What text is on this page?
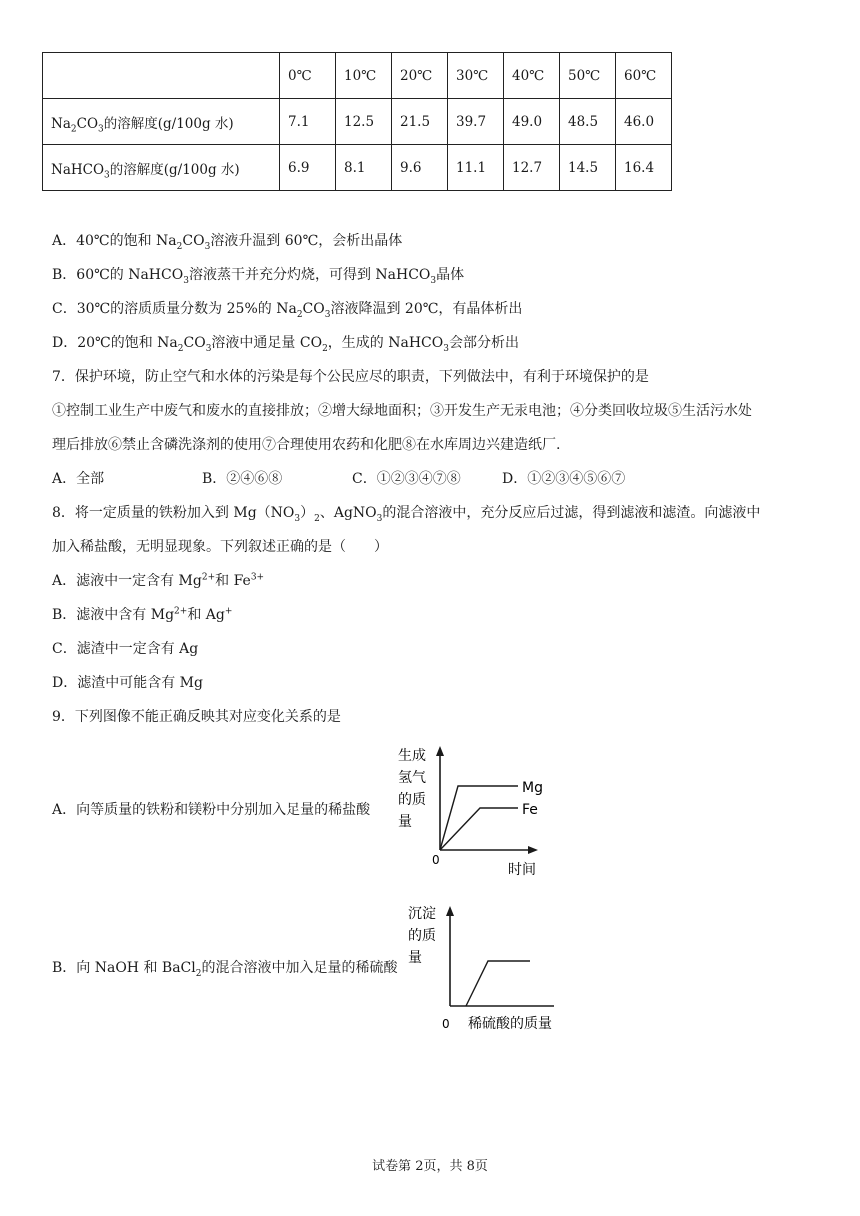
	0℃	10℃	20℃	30℃	40℃	50℃	60℃
$Na_2CO_3$的溶解度(g/100g 水)	7.1	12.5	21.5	39.7	49.0	48.5	46.0
NaHCO$_3$的溶解度(g/100g 水)	6.9	8.1	9.6	11.1	12.7	14.5	16.4
A．40℃的饱和 $Na_2CO_3$溶液升温到 60℃，会析出晶体
B．60℃的 NaHCO$_3$溶液蒸干并充分灼烧，可得到 NaHCO$_3$晶体
C．30℃的溶质质量分数为 25%的 $Na_2CO_3$溶液降温到 20℃，有晶体析出
D．20℃的饱和 $Na_2CO_3$溶液中通足量 $CO_2$，生成的 NaHCO$_3$会部分析出
7．保护环境，防止空气和水体的污染是每个公民应尽的职责，下列做法中，有利于环境保护的是
①控制工业生产中废气和废水的直接排放；②增大绿地面积；③开发生产无汞电池；④分类回收垃圾⑤生活污水处
理后排放⑥禁止含磷洗涤剂的使用⑦合理使用农药和化肥⑧在水库周边兴建造纸厂.
A．全部	B．②④⑥⑧	C．①②③④⑦⑧	D．①②③④⑤⑥⑦
8．将一定质量的铁粉加入到 $Mg(NO_3)_2$、AgNO$_3$的混合溶液中，充分反应后过滤，得到滤液和滤渣。向滤液中
加入稀盐酸，无明显现象。下列叙述正确的是（　　）
A．滤液中一定含有 $Mg^{2+}$和 $Fe^{3+}$
B．滤液中含有 $Mg^{2+}$和 Ag+
C．滤渣中一定含有 Ag
D．滤渣中可能含有 Mg
9．下列图像不能正确反映其对应变化关系的是
A．向等质量的铁粉和镁粉中分别加入足量的稀盐酸
生成
氢气
的质
量
Mg
Fe
0
时间
B．向 NaOH 和 BaCl$_2$的混合溶液中加入足量的稀硫酸
沉淀
的质
量
0 稀硫酸的质量
试卷第 2页，共 8页
